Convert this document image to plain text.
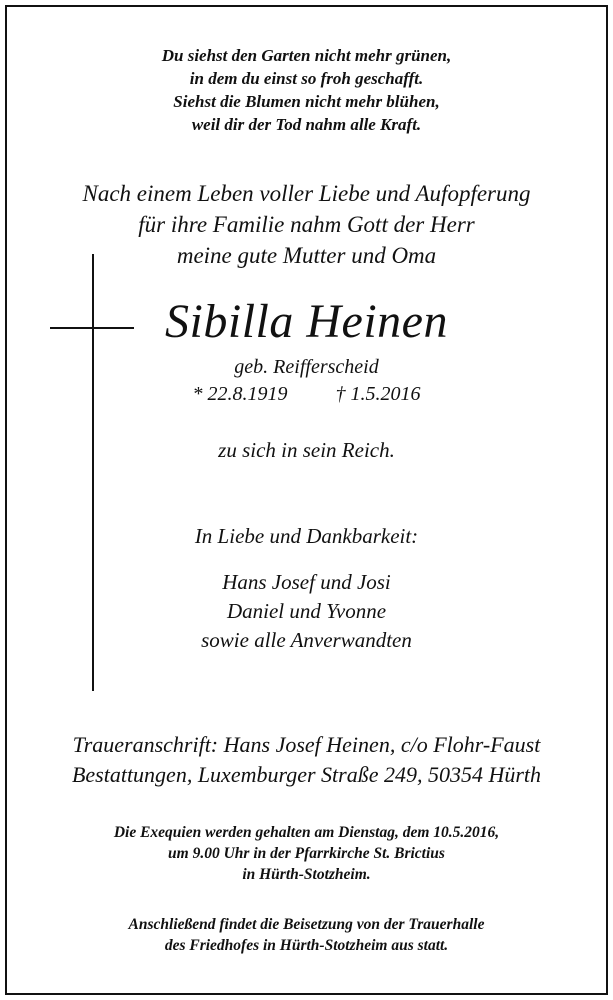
Du siehst den Garten nicht mehr grünen,
in dem du einst so froh geschafft.
Siehst die Blumen nicht mehr blühen,
weil dir der Tod nahm alle Kraft.
Nach einem Leben voller Liebe und Aufopferung
für ihre Familie nahm Gott der Herr
meine gute Mutter und Oma
Sibilla Heinen
geb. Reifferscheid
* 22.8.1919 † 1.5.2016
zu sich in sein Reich.
In Liebe und Dankbarkeit:
Hans Josef und Josi
Daniel und Yvonne
sowie alle Anverwandten
Traueranschrift: Hans Josef Heinen, c/o Flohr-Faust
Bestattungen, Luxemburger Straße 249, 50354 Hürth
Die Exequien werden gehalten am Dienstag, dem 10.5.2016,
um 9.00 Uhr in der Pfarrkirche St. Brictius
in Hürth-Stotzheim.
Anschließend findet die Beisetzung von der Trauerhalle
des Friedhofes in Hürth-Stotzheim aus statt.
